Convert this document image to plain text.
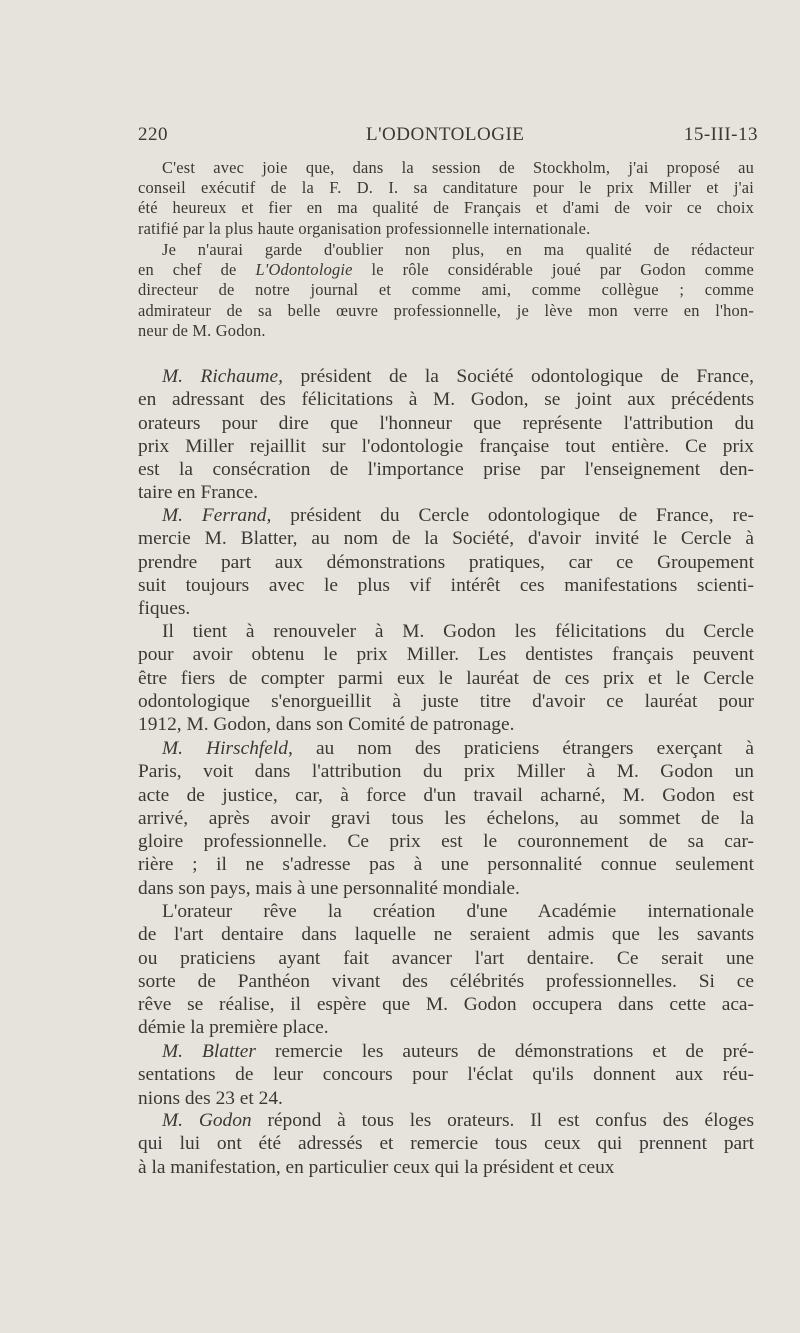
220	L'ODONTOLOGIE	15-III-13

C'est avec joie que, dans la session de Stockholm, j'ai proposé au
conseil exécutif de la F. D. I. sa canditature pour le prix Miller et j'ai
été heureux et fier en ma qualité de Français et d'ami de voir ce choix
ratifié par la plus haute organisation professionnelle internationale.

Je n'aurai garde d'oublier non plus, en ma qualité de rédacteur
en chef de L'Odontologie le rôle considérable joué par Godon comme
directeur de notre journal et comme ami, comme collègue ; comme
admirateur de sa belle œuvre professionnelle, je lève mon verre en l'hon-
neur de M. Godon.

M. Richaume, président de la Société odontologique de France,
en adressant des félicitations à M. Godon, se joint aux précédents
orateurs pour dire que l'honneur que représente l'attribution du
prix Miller rejaillit sur l'odontologie française tout entière. Ce prix
est la consécration de l'importance prise par l'enseignement den-
taire en France.

M. Ferrand, président du Cercle odontologique de France, re-
mercie M. Blatter, au nom de la Société, d'avoir invité le Cercle à
prendre part aux démonstrations pratiques, car ce Groupement
suit toujours avec le plus vif intérêt ces manifestations scienti-
fiques.

Il tient à renouveler à M. Godon les félicitations du Cercle
pour avoir obtenu le prix Miller. Les dentistes français peuvent
être fiers de compter parmi eux le lauréat de ces prix et le Cercle
odontologique s'enorgueillit à juste titre d'avoir ce lauréat pour
1912, M. Godon, dans son Comité de patronage.

M. Hirschfeld, au nom des praticiens étrangers exerçant à
Paris, voit dans l'attribution du prix Miller à M. Godon un
acte de justice, car, à force d'un travail acharné, M. Godon est
arrivé, après avoir gravi tous les échelons, au sommet de la
gloire professionnelle. Ce prix est le couronnement de sa car-
rière ; il ne s'adresse pas à une personnalité connue seulement
dans son pays, mais à une personnalité mondiale.

L'orateur rêve la création d'une Académie internationale
de l'art dentaire dans laquelle ne seraient admis que les savants
ou praticiens ayant fait avancer l'art dentaire. Ce serait une
sorte de Panthéon vivant des célébrités professionnelles. Si ce
rêve se réalise, il espère que M. Godon occupera dans cette aca-
démie la première place.

M. Blatter remercie les auteurs de démonstrations et de pré-
sentations de leur concours pour l'éclat qu'ils donnent aux réu-
nions des 23 et 24.

M. Godon répond à tous les orateurs. Il est confus des éloges
qui lui ont été adressés et remercie tous ceux qui prennent part
à la manifestation, en particulier ceux qui la président et ceux
